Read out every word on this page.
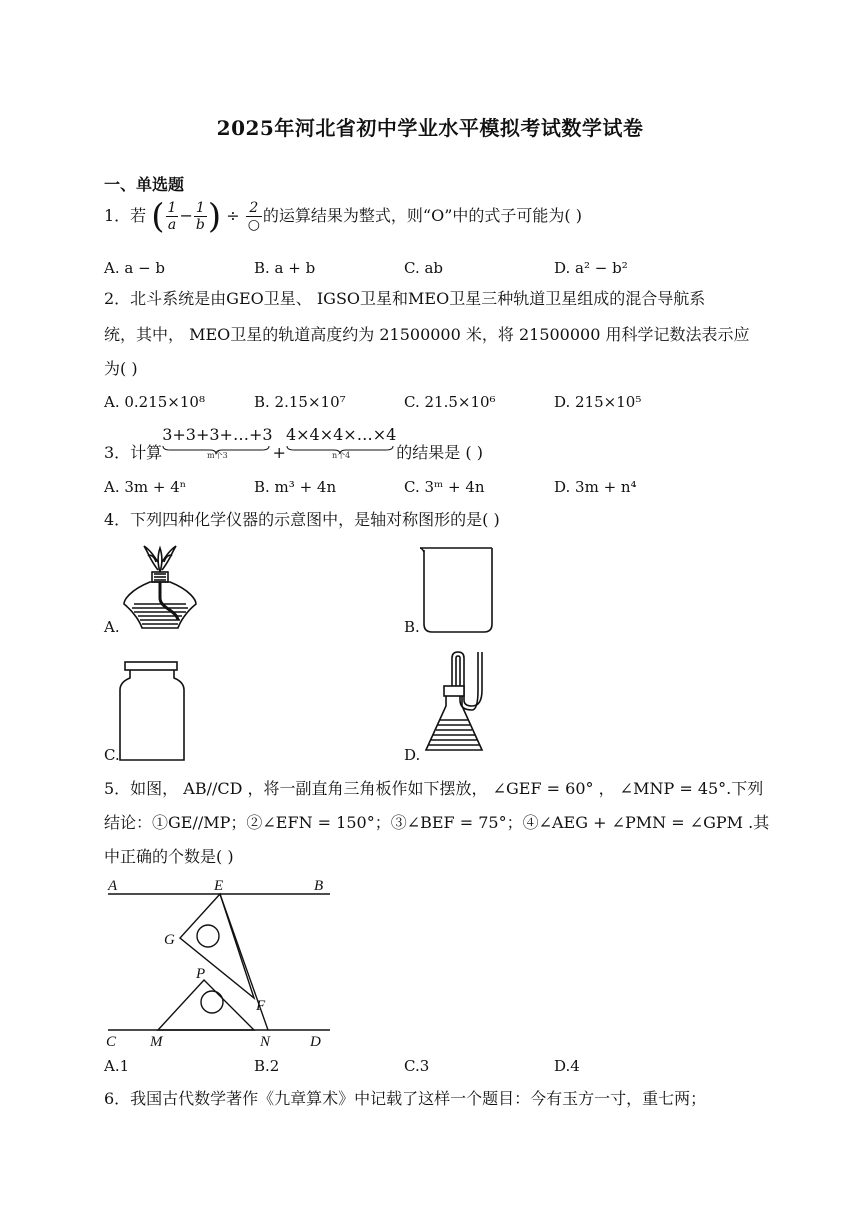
2025年河北省初中学业水平模拟考试数学试卷
一、单选题
1．若 ( $\frac{1}{a} - \frac{1}{b}$ ) ÷ $\frac{2}{○}$ 的运算结果为整式，则“O”中的式子可能为( )
A. a − b	B. a + b	C. ab	D. a² − b²
2．北斗系统是由GEO卫星、 IGSO卫星和MEO卫星三种轨道卫星组成的混合导航系
统，其中， MEO卫星的轨道高度约为 21500000 米，将 21500000 用科学记数法表示应
为( )
A. 0.215×10⁸	B. 2.15×10⁷	C. 21.5×10⁶	D. 215×10⁵
3．计算3+3+3+…+3
m个3	+4×4×4×…×4
n个4	的结果是 ( )
A. 3m + 4ⁿ	B. m³ + 4n	C. 3ᵐ + 4n	D. 3m + n⁴
4．下列四种化学仪器的示意图中，是轴对称图形的是( )
A.	B.
C.	D.
5．如图， AB//CD ，将一副直角三角板作如下摆放， ∠GEF = 60° ， ∠MNP = 45°.下列
结论：①GE//MP；②∠EFN = 150°；③∠BEF = 75°；④∠AEG + ∠PMN = ∠GPM .其
中正确的个数是( )
A	E	B
G
P
F
C M	N	D
A.1	B.2	C.3	D.4
6．我国古代数学著作《九章算术》中记载了这样一个题目：今有玉方一寸，重七两；
